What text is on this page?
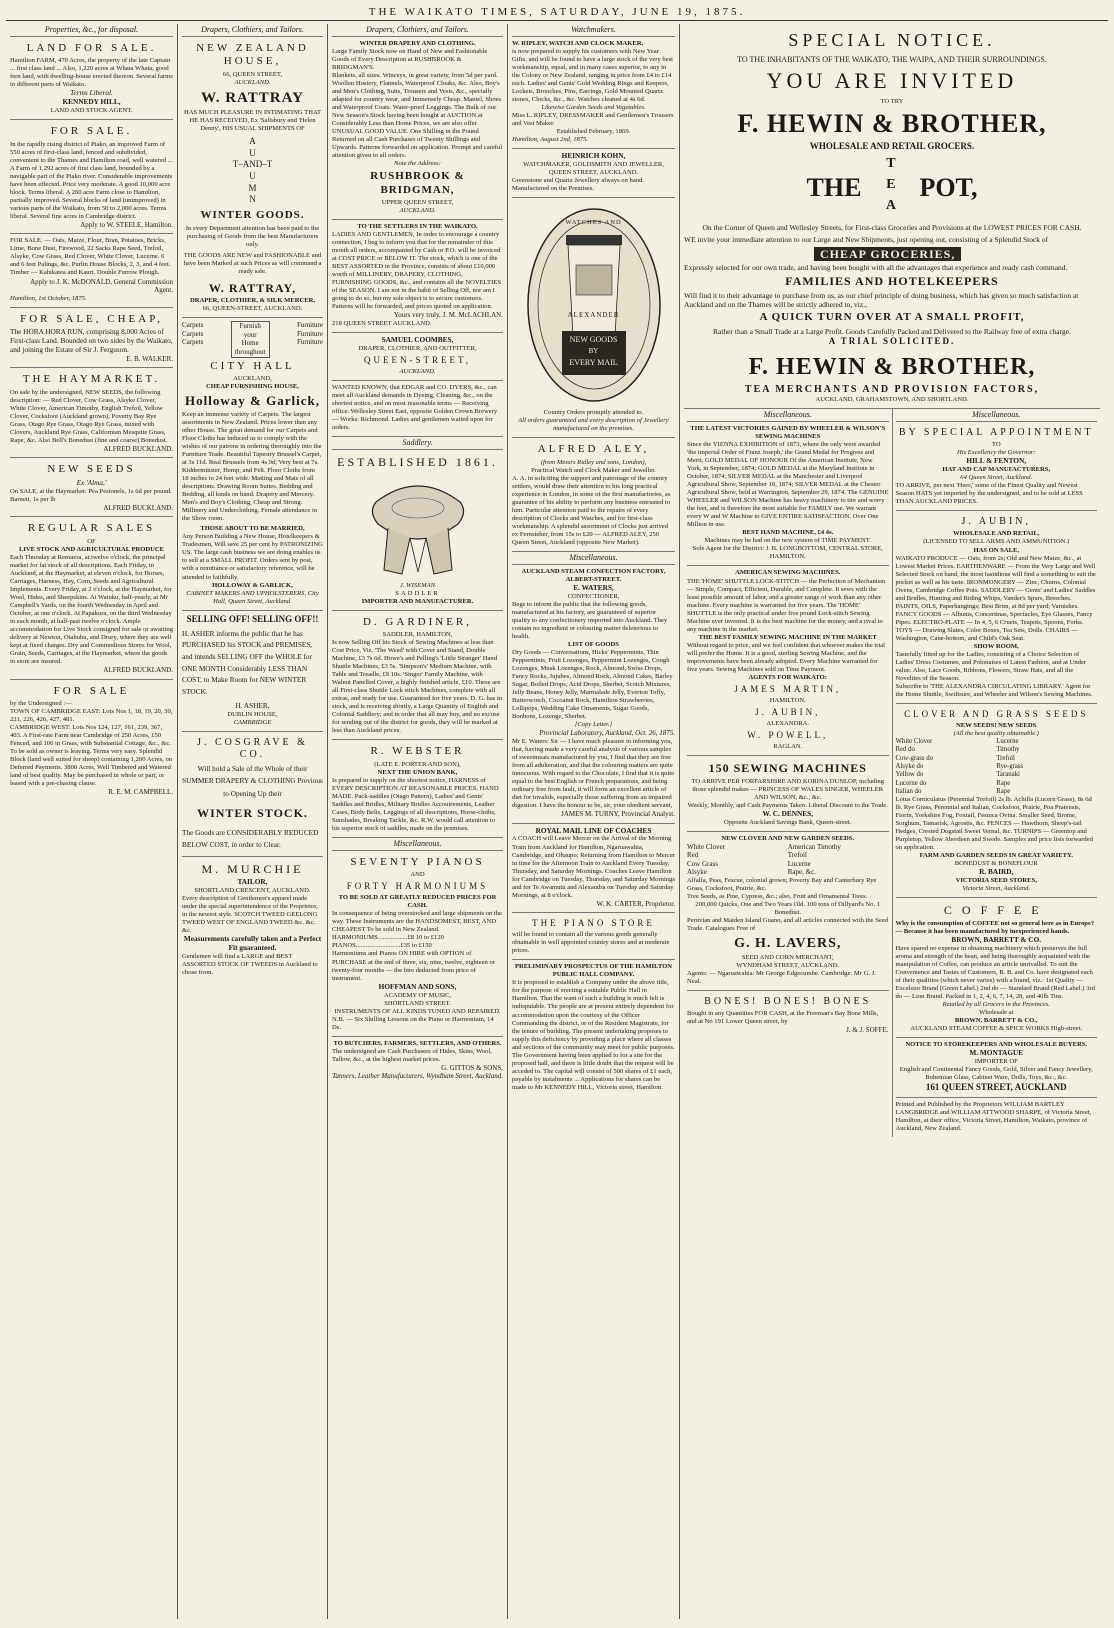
THE WAIKATO TIMES, SATURDAY, JUNE 19, 1875.
Properties, &c., for disposal.
LAND FOR SALE.
Hamilton FARM, 470 Acres, the property of the late Captain ... first class land ... Also, 1,220 acres at Whata Whata, good fern land, with dwelling-house erected thereon. Several farms in different parts of Waikato.
Terms Liberal.
KENNEDY HILL,
LAND AND STOCK AGENT.
FOR SALE.
In the rapidly rising district of Piako, an improved Farm of 550 acres of first-class land, fenced and subdivided, convenient to the Thames and Hamilton road, well watered ... A Farm of 1,292 acres of first class land, bounded by a navigable part of the Piako river. Considerable improvements have been effected. Price very moderate. A good 10,000 acre block. Terms liberal. A 260 acre Farm close to Hamilton, partially improved. Several blocks of land (unimproved) in various parts of the Waikato, from 50 to 2,000 acres. Terms liberal. Several fine acres in Cambridge district.
Apply to W. STEELE, Hamilton.
FOR SALE. — Oats, Maize, Flour, Bran, Potatoes, Bricks, Lime, Bone Dust, Firewood, 22 Sacks Rape Seed, Trefoil, Alsyke, Cow Grass, Red Clover, White Clover, Lucerne. 6 and 6 feet Palings, &c. Purlin House Blocks, 2, 3, and 4 feet. Timber — Kahikatea and Kauri. Double Furrow Plough.
Apply to J. K. McDONALD, General Commission Agent.
Hamilton, 1st October, 1875.
FOR SALE, CHEAP,
The HORA HORA RUN, comprising 8,000 Acres of First-class Land. Bounded on two sides by the Waikato, and joining the Estate of Sir J. Ferguson.
E. B. WALKER.
THE HAYMARKET.
On sale by the undersigned, NEW SEEDS, the following description: — Red Clover, Cow Grass, Alsyke Clover, White Clover, American Timothy, English Trefoil, Yellow Clover, Cocksfoot (Auckland grown), Poverty Bay Rye Grass, Otago Rye Grass, Otago Rye Grass, mixed with Clovers, Auckland Rye Grass, Californian Mesquite Grass, Rape, &c. Also Bell's Bonedust (fine and coarse) Bonedust.
ALFRED BUCKLAND.
NEW SEEDS
Ex 'Alma,'
On SALE, at the Haymarket: Pea Pestonels, 1s 6d per pound. Barnett, 1s per lb
ALFRED BUCKLAND.
REGULAR SALES
OF
LIVE STOCK AND AGRICULTURAL PRODUCE
Each Thursday at Remuera, at twelve o'clock, the principal market for fat stock of all descriptions. Each Friday, in Auckland, at the Haymarket, at eleven o'clock, for Horses, Carriages, Harness, Hay, Corn, Seeds and Agricultural Implements. Every Friday, at 2 o'clock, at the Haymarket, for Wool, Hides, and Sheepskins. At Waiuku, half-yearly, at Mr Campbell's Yards, on the fourth Wednesday in April and October, at one o'clock. At Papakura, on the third Wednesday in each month, at half-past twelve o'clock. Ample accommodation for Live Stock consigned for sale or awaiting delivery at Newton, Otahuhu, and Drury, where they are well kept at fixed charges. Dry and Commodious Stores for Wool, Grain, Seeds, Carriages, at the Haymarket, where the goods in store are insured.
ALFRED BUCKLAND.
FOR SALE
by the Undersigned :—
TOWN OF CAMBRIDGE EAST: Lots Nos 1, 18, 19, 20, 30, 221, 226, 426, 427, 481.
CAMBRIDGE WEST: Lots Nos 124, 127, 161, 239, 367, 403. A First-rate Farm near Cambridge of 250 Acres, 150 Fenced, and 100 in Grass, with Substantial Cottage, &c., &c. To be sold as owner is leaving. Terms very easy. Splendid Block (land well suited for sheep) containing 1,200 Acres, on Deferred Payments. 3800 Acres, Well Timbered and Watered land of best quality. May be purchased in whole or part, or leased with a pre-chasing clause.
R. E. M. CAMPBELL.
Drapers, Clothiers, and Tailors.
NEW ZEALAND HOUSE,
66, QUEEN STREET,
AUCKLAND.
W. RATTRAY
HAS MUCH PLEASURE IN INTIMATING THAT HE HAS RECEIVED, Ex 'Salisbury and 'Helen Denny', HIS USUAL SHIPMENTS OF
A
U
T–AND–T
U
M
N
WINTER GOODS.
In every Department attention has been paid to the purchasing of Goods from the best Manufacturers only.
THE GOODS ARE NEW and FASHIONABLE and have been Marked at such Prices as will command a ready sale.
W. RATTRAY,
DRAPER, CLOTHIER, & SILK MERCER,
66, QUEEN-STREET, AUCKLAND.
Carpets
Carpets
Carpets
Furnish
your
Home
throughout
Furniture
Furniture
Furniture
CITY HALL
AUCKLAND,
CHEAP FURNISHING HOUSE,
Holloway & Garlick,
Keep an immense variety of Carpets. The largest assortments in New Zealand. Prices lower than any other House. The great demand for our Carpets and Floor Cloths has induced us to comply with the wishes of our patrons in ordering thoroughly into the Furniture Trade. Beautiful Tapestry Brussel's Carpet, at 3s 11d. Real Brussels from 4s 9d; Very best at 7s. Kidderminster, Hemp, and Felt. Floor Cloths from 18 inches to 24 feet wide. Matting and Mats of all descriptions. Drawing Room Suites. Bedding and Bedding, all kinds on hand. Drapery and Mercery. Men's and Boy's Clothing, Cheap and Strong. Millinery and Underclothing. Female attendance in the Show room.
THOSE ABOUT TO BE MARRIED,
Any Person Building a New House, Hotelkeepers & Tradesmen, Will save 25 per cent by PATRONIZING US. The large cash business we are doing enables us to sell at a SMALL PROFIT. Orders sent by post, with a remittance or satisfactory reference, will be attended to faithfully.
HOLLOWAY & GARLICK,
CABINET MAKERS AND UPHOLSTERERS, City Hall, Queen Street, Auckland.
SELLING OFF! SELLING OFF!!
H. ASHER informs the public that he has PURCHASED his STOCK and PREMISES, and intends SELLING OFF the WHOLE for ONE MONTH Considerably LESS THAN COST, to Make Room for NEW WINTER STOCK.
H. ASHER,
DUBLIN HOUSE,
CAMBRIDGE
J. COSGRAVE & CO.
Will hold a Sale of the Whole of their SUMMER DRAPERY & CLOTHING Previous to Opening Up their
WINTER STOCK.
The Goods are CONSIDERABLY REDUCED BELOW COST, in order to Clear.
M. MURCHIE
TAILOR,
SHORTLAND CRESCENT, AUCKLAND.
Every description of Gentlemen's apparel made under the special superintendence of the Proprietor, in the newest style. SCOTCH TWEED GEELONG TWEED WEST OF ENGLAND TWEED &c. &c. &c.
Measurements carefully taken and a Perfect Fit guaranteed.
Gentlemen will find a LARGE and BEST ASSORTED STOCK OF TWEEDS in Auckland to chose from.
Drapers, Clothiers, and Tailors.
WINTER DRAPERY AND CLOTHING.
Large Family Stock now on Hand of New and Fashionable Goods of Every Description at RUSHBROOK & BRIDGMAN'S.
Blankets, all sizes. Winceys, in great variety, from 5d per yard. Woollen Hosiery, Flannels, Waterproof Cloaks, &c. Also, Boy's and Men's Clothing, Suits, Trousers and Vests, &c., specially adapted for country wear, and Immensely Cheap. Maniel, Shoes and Waterproof Coats. Water-proof Leggings. The Bulk of our New Season's Stock having been bought at AUCTION at Considerably Less than Home Prices, we are also offer UNUSUAL GOOD VALUE. One Shilling in the Pound Returned on all Cash Purchases of Twenty Shillings and Upwards. Patterns forwarded on application. Prompt and careful attention given to all orders.
Note the Address:
RUSHBROOK & BRIDGMAN,
UPPER QUEEN STREET,
AUCKLAND.
TO THE SETTLERS IN THE WAIKATO.
LADIES AND GENTLEMEN, In order to encourage a country connection, I beg to inform you that for the remainder of this month all orders, accompanied by Cash or P.O. will be invoiced at COST PRICE or BELOW IT. The stock, which is one of the BEST ASSORTED in the Province, consists of about £10,000 worth of MILLINERY, DRAPERY, CLOTHING, FURNISHING GOODS, &c., and contains all the NOVELTIES of the SEASON. I am not in the habit of Selling Off, nor am I going to do so, but my sole object is to secure customers. Patterns will be forwarded, and prices quoted on application.
Yours very truly, J. M. McLACHLAN.
218 QUEEN STREET AUCKLAND.
SAMUEL COOMBES,
DRAPER, CLOTHIER, AND OUTFITTER,
QUEEN-STREET,
AUCKLAND.
WANTED KNOWN, that EDGAR and CO. DYERS, &c., can meet all Auckland demands in Dyeing, Cleaning, &c., on the shortest notice, and on most reasonable terms — Receiving office: Wellesley Street East, opposite Golden Crown Brewery — Works: Richmond. Ladies and gentlemen waited upon for orders.
Saddlery.
ESTABLISHED 1861.
J. WISEMAN
SADDLER
IMPORTER AND MANUFACTURER.
D. GARDINER,
SADDLER, HAMILTON,
Is now Selling Off his Stock of Sewing Machines at less than Cost Price, Viz. 'The Weed' with Cover and Stand, Double Machine, £3 7s 6d. Howe's and Pelling's 'Little Stranger' Hand Shuttle Machines, £3 5s. 'Simpson's' Medium Machine, with Table and Treadle, £9 10s. 'Singer' Family Machine, with Walnut Panelled Cover, a highly finished article, £10. These are all First-class Shuttle Lock stitch Machines, complete with all extras, and ready for use. Guaranteed for five years. D. G. has in stock, and is receiving shortly, a Large Quantity of English and Colonial Saddlery; and in order that all may buy, and no excuse for sending out of the district for goods, they will be marked at less than Auckland prices.
R. WEBSTER
(LATE E. PORTER AND SON),
NEXT THE UNION BANK,
Is prepared to supply on the shortest notice, HARNESS of EVERY DESCRIPTION AT REASONABLE PRICES. HAND MADE. Pack-saddles (Otago Pattern), Ladies' and Gents' Saddles and Bridles, Military Bridles Accoutrements, Leather Cases, Body Belts, Leggings of all descriptions, Horse-cloths, Sunshades, Breaking Tackle, &c. R.W. would call attention to his superior stock of saddles, made on the premises.
Miscellaneous.
SEVENTY PIANOS
AND
FORTY HARMONIUMS
TO BE SOLD AT GREATLY REDUCED PRICES FOR CASH.
In consequence of being overstocked and large shipments on the way. These Instruments are the HANDSOMEST, BEST, AND CHEAPEST To be sold in New Zealand.
HARMONIUMS..................£8 10 to £120
PIANOS...........................£35 to £150
Harmoniums and Pianos ON HIRE with OPTION of PURCHASE at the end of three, six, nine, twelve, eighteen or twenty-four months — the hire deducted from price of instrument.
HOFFMAN AND SONS,
ACADEMY OF MUSIC,
SHORTLAND STREET.
INSTRUMENTS OF ALL KINDS TUNED AND REPAIRED.
N.B. — Six Shilling Lessons on the Piano or Harmonium, 14 Ds.
TO BUTCHERS, FARMERS, SETTLERS, AND OTHERS.
The undersigned are Cash Purchasers of Hides, Skins, Wool, Tallow, &c., at the highest market prices.
G. GITTOS & SONS,
Tanners, Leather Manufacturers, Wyndham Street, Auckland.
Watchmakers.
W. RIPLEY, WATCH AND CLOCK MAKER,
is now prepared to supply his customers with New Year Gifts, and will be found to have a large stock of the very best workmanship, equal, and in many cases superior, to any in the Colony or New Zealand, ranging in price from £4 to £14 each. Ladies' and Gents' Gold Wedding Rings and Keepers, Lockets, Brooches, Pins, Earrings, Gold Mounted Quartz stones, Clocks, &c., &c. Watches cleaned at 4s 6d.
Likewise Garden Seeds and Vegetables.
Miss L. RIPLEY, DRESSMAKER and Gentlemen's Trousers and Vest Maker.
Established February, 1869.
Hamilton, August 2nd, 1875.
HEINRICH KOHN,
WATCHMAKER, GOLDSMITH AND JEWELLER,
QUEEN STREET, AUCKLAND.
Greenstone and Quartz Jewellery always on hand. Manufactured on the Premises.
WATCHES AND
ALEXANDER
NEW GOODS
BY
EVERY MAIL
Country Orders promptly attended to.
All orders guaranteed and every description of Jewellery manufactured on the premises.
ALFRED ALEY,
(from Messrs Ridley and sons, London),
Practical Watch and Clock Maker and Jeweller.
A. A. in soliciting the support and patronage of the country settlers, would draw their attention to his long practical experience in London, in some of the first manufactories, as guarantee of his ability to perform any business entrusted to him. Particular attention paid to the repairs of every description of Clocks and Watches, and for first-class workmanship. A splendid assortment of Clocks just arrived ex Fernsteher, from 15s to £20 — ALFRED ALEY, 250 Queen Street, Auckland (opposite New Market).
Miscellaneous.
AUCKLAND STEAM CONFECTION FACTORY, ALBERT-STREET.
E. WATERS,
CONFECTIONER,
Begs to inform the public that the following goods, manufactured at his factory, are guaranteed of superior quality to any confectionery imported into Auckland. They contain no ingredient or colouring matter deleterious to health.
LIST OF GOODS
Dry Goods — Conversations, Hicks' Peppermints, Thin Peppermints, Fruit Lozenges, Peppermint Lozenges, Cough Lozenges, Musk Lozenges, Rock, Almond, Swiss Drops, Fancy Rocks, Jujubes, Almond Rock, Almond Cakes, Barley Sugar, Boiled Drops, Acid Drops, Sherbet, Scotch Mixtures, Jelly Beans, Honey Jelly, Marmalade Jelly, Everton Toffy, Butterscotch, Cocoanut Rock, Hamilton Strawberries, Lollipops, Wedding Cake Ornaments, Sugar Goods, Bonbons, Lozenge, Sherbet.
[Copy Letter.]
Provincial Laboratory, Auckland, Oct. 26, 1875.
Mr E. Waters: Sir — I have much pleasure in informing you, that, having made a very careful analysis of various samples of sweetmeats manufactured by you, I find that they are free from all adulteration, and that the colouring matters are quite innocuous. With regard to the Chocolate, I find that it is quite equal to the best English or French preparations, and being ordinary free from fault, it will form an excellent article of diet for invalids, especially those suffering from an impaired digestion. I have the honour to be, sir, your obedient servant,
JAMES M. TURNY, Provincial Analyst.
ROYAL MAIL LINE OF COACHES
A COACH will Leave Mercer on the Arrival of the Morning Train from Auckland for Hamilton, Ngaruawahia, Cambridge, and Ohaupo; Returning from Hamilton to Mercer in time for the Afternoon Train to Auckland Every Tuesday, Thursday, and Saturday Mornings. Coaches Leave Hamilton for Cambridge on Tuesday, Thursday, and Saturday Mornings and for Te Awamutu and Alexandra on Tuesday and Saturday Mornings, at 8 o'clock.
W. K. CARTER, Proprietor.
THE PIANO STORE
will be found to contain all the various goods generally obtainable in well appointed country stores and at moderate prices.
PRELIMINARY PROSPECTUS OF THE HAMILTON PUBLIC HALL COMPANY.
It is proposed to establish a Company under the above title, for the purpose of erecting a suitable Public Hall in Hamilton. That the want of such a building is much felt is indisputable. The people are at present entirely dependent for accommodation upon the courtesy of the Officer Commanding the district, or of the Resident Magistrate, for the tenure of building. The present undertaking proposes to supply this deficiency by providing a place where all classes and sections of the community may meet for public purposes. The Government having been applied to for a site for the proposed hall, and there is little doubt that the request will be acceded to. The capital will consist of 500 shares of £1 each, payable by instalments ... Applications for shares can be made to Mr KENNEDY HILL, Victoria street, Hamilton.
SPECIAL NOTICE.
TO THE INHABITANTS OF THE WAIKATO, THE WAIPA, AND THEIR SURROUNDINGS.
YOU ARE INVITED
TO TRY
F. HEWIN & BROTHER,
WHOLESALE AND RETAIL GROCERS.
THE TEA POT,
On the Corner of Queen and Wellesley Streets, for First-class Groceries and Provisions at the LOWEST PRICES FOR CASH.
WE invite your immediate attention to our Large and New Shipments, just opening out, consisting of a Splendid Stock of
CHEAP GROCERIES,
Expressly selected for our own trade, and having been bought with all the advantages that experience and ready cash command.
FAMILIES AND HOTELKEEPERS
Will find it to their advantage to purchase from us, as our chief principle of doing business, which has given so much satisfaction at Auckland and on the Thames will be strictly adhered to, viz.,
A QUICK TURN OVER AT A SMALL PROFIT,
Rather than a Small Trade at a Large Profit. Goods Carefully Packed and Delivered to the Railway free of extra charge.
A TRIAL SOLICITED.
F. HEWIN & BROTHER,
TEA MERCHANTS AND PROVISION FACTORS,
AUCKLAND, GRAHAMSTOWN, AND SHORTLAND.
Miscellaneous.
THE LATEST VICTORIES GAINED BY WHEELER & WILSON'S SEWING MACHINES
Since the VIENNA EXHIBITION of 1873, where the only were awarded 'the imperial Order of Franz Joseph,' the Grand Medal for Progress and Merit, GOLD MEDAL OF HONOUR Of the American Institute, New York, in September, 1874; GOLD MEDAL at the Maryland Institute in October, 1874; SILVER MEDAL at the Manchester and Liverpool Agricultural Show, September 10, 1874; SILVER MEDAL at the Chester Agricultural Show, held at Warrington, September 29, 1874. The GENUINE WHEELER and WILSON Machine has heavy machinery to tire and worry the feet, and is therefore the most suitable for FAMILY use. We warrant every W and W Machine to GIVE ENTIRE SATISFACTION. Over One Million in use.
BEST HAND MACHINE, £4 4s.
Machines may be had on the new system of TIME PAYMENT.
Sole Agent for the District: J. B. LONGBOTTOM, CENTRAL STORE, HAMILTON.
AMERICAN SEWING MACHINES.
THE 'HOME' SHUTTLE LOCK-STITCH — the Perfection of Mechanism — Simple, Compact, Efficient, Durable, and Complete. It sews with the least possible amount of labor, and a greater range of work than any other machine. Every machine is warranted for five years. The 'HOME' SHUTTLE is the only practical under five pound Lock-stitch Sewing Machine ever invented. It is the best machine for the money, and a rival to any machine in the market.
THE BEST FAMILY SEWING MACHINE IN THE MARKET
Without regard to price, and we feel confident that whoever makes the trial will prefer the Home. It is a good, sterling Sewing Machine, and the improvements have been already adopted. Every Machine warranted for five years. Sewing Machines sold on Time Payment.
AGENTS FOR WAIKATO:
JAMES MARTIN,
HAMILTON.
J. AUBIN,
ALEXANDRA.
W. POWELL,
RAGLAN.
150 SEWING MACHINES
TO ARRIVE PER FORFARSHIRE AND KORINA DUNLOP, including those splendid makes — PRINCESS OF WALES SINGER, WHEELER AND WILSON, &c., &c.
Weekly, Monthly, and Cash Payments Taken. Liberal Discount to the Trade.
W. C. DENNES,
Opposite Auckland Savings Bank, Queen-street.
NEW CLOVER AND NEW GARDEN SEEDS.
White Clover
Red
Cow Grass
Alsyke
American Timothy
Trefoil
Lucerne
Rape, &c.
Alfalfa, Peas, Fescue, colonial grown; Poverty Bay and Canterbury Rye Grass, Cocksfoot, Prairie, &c.
Tree Seeds, as Pine, Cypress, &c.; also, Fruit and Ornamental Trees.
200,000 Quicks, One and Two Years Old. 100 tons of Dillyard's No. 1 Bonedust.
Peruvian and Maiden Island Guano, and all articles connected with the Seed Trade. Catalogues Free of
G. H. LAVERS,
SEED AND CORN MERCHANT,
WYNDHAM STREET, AUCKLAND.
Agents: — Ngaruawahia: Mr George Edgecumbe. Cambridge: Mr G. J. Neal.
BONES! BONES! BONES
Bought in any Quantities FOR CASH, at the Freeman's Bay Bone Mills, and at No 191 Lower Queen street, by
J. & J. SOFFE.
Miscellaneous.
BY SPECIAL APPOINTMENT
TO
His Excellency the Governor:
HILL & FENTON,
HAT AND CAP MANUFACTURERS,
64 Queen Street, Auckland.
TO ARRIVE, per next 'Hero,' some of the Finest Quality and Newest Season HATS yet imported by the undersigned, and to be sold at LESS THAN AUCKLAND PRICES.
J. AUBIN,
WHOLESALE AND RETAIL,
(LICENSED TO SELL ARMS AND AMMUNITION.)
HAS ON SALE,
WAIKATO PRODUCE — Oats, from 2s; Old and New Maize, &c., at Lowest Market Prices. EARTHENWARE — From the Very Large and Well Selected Stock on hand, the most fastidious will find a something to suit the pocket as well as his taste. IRONMONGERY — Zinc, Churns, Colonial Ovens, Cambridge Coffee Pots. SADDLERY — Gents' and Ladies' Saddles and Bridles, Hunting and Riding Whips, Vander's Spurs, Breeches. PAINTS, OILS, Paperhangings; Best Brim, at 8d per yard; Varnishes. FANCY GOODS — Albums, Concertinas, Spectacles, Eye Glasses, Fancy Pipes. ELECTRO-PLATE — In 4, 5, 6 Cruets, Teapots, Spoons, Forks. TOYS — Drawing Slates, Color Boxes, Tea Sets, Dolls. CHAIRS — Washington, Cane-bottom, and Child's Oak Seat.
SHOW ROOM,
Tastefully fitted up for the Ladies, consisting of a Choice Selection of Ladies' Dress Costumes, and Polonaises of Latest Fashion, and at Under value. Also, Lace Goods, Ribbons, Flowers, Straw Hats, and all the Novelties of the Season.
Subscribe to 'THE ALEXANDRA CIRCULATING LIBRARY.' Agent for the Home Shuttle, Swiftsure, and Wheeler and Wilson's Sewing Machines.
CLOVER AND GRASS SEEDS
NEW SEEDS! NEW SEEDS
(All the best quality obtainable.)
White Clover
Red do
Cow-grass do
Alsyke do
Yellow do
Lucerne do
Italian do
Lucerne
Timothy
Trefoil
Rye-grass
Taranaki
Rape
Rape
Lotus Corniculatus (Perennial Trefoil) 2s lb. Achilla (Lucern Grass), 8s 6d lb. Rye Grass, Perennial and Italian, Cocksfoot, Prairie, Poa Pratensis, Fiorin, Yorkshire Fog, Foxtail, Festuca Ovina. Smaller Seed, Brome, Sorghum, Tamarisk, Agrostis, &c. FENCES — Hawthorn, Sheep's-tail Hedges, Crested Dogstail Sweet Vernal, &c. TURNIPS — Greentop and Purpletop, Yellow Aberdeen and Swede. Samples and price lists forwarded on application.
FARM AND GARDEN SEEDS IN GREAT VARIETY.
BONEDUST & BONEFLOUR
R. BAIRD,
VICTORIA SEED STORES,
Victoria Street, Auckland.
COFFEE
Why is the consumption of COFFEE not so general here as in Europe? — Because it has been manufactured by inexperienced hands.
BROWN, BARRETT & CO.
Have spared no expense in obtaining machinery which preserves the full aroma and strength of the bean, and being thoroughly acquainted with the manipulation of Coffee, can produce an article unrivalled. To suit the Convenience and Tastes of Customers, B. B. and Co. have designated each of their qualities (which never varies) with a brand, viz.: 1st Quality — Excelsior Brand (Green Label.) 2nd do — Standard Brand (Red Label.) 3rd do — Lion Brand. Packed in 1, 2, 4, 6, 7, 14, 28, and 40lb Tins.
Retailed by all Grocers in the Provinces.
Wholesale at
BROWN, BARRETT & CO.,
AUCKLAND STEAM COFFEE & SPICE WORKS High-street.
NOTICE TO STOREKEEPERS AND WHOLESALE BUYERS.
M. MONTAGUE
IMPORTER OF
English and Continental Fancy Goods, Gold, Silver and Fancy Jewellery, Bohemian Glass, Cabinet Ware, Dolls, Toys, &c., &c.
161 QUEEN STREET, AUCKLAND
Printed and Published by the Proprietors WILLIAM BARTLEY LANGBRIDGE and WILLIAM ATTWOOD SHARPE, of Victoria Street, Hamilton, at their office, Victoria Street, Hamilton, Waikato, province of Auckland, New Zealand.
